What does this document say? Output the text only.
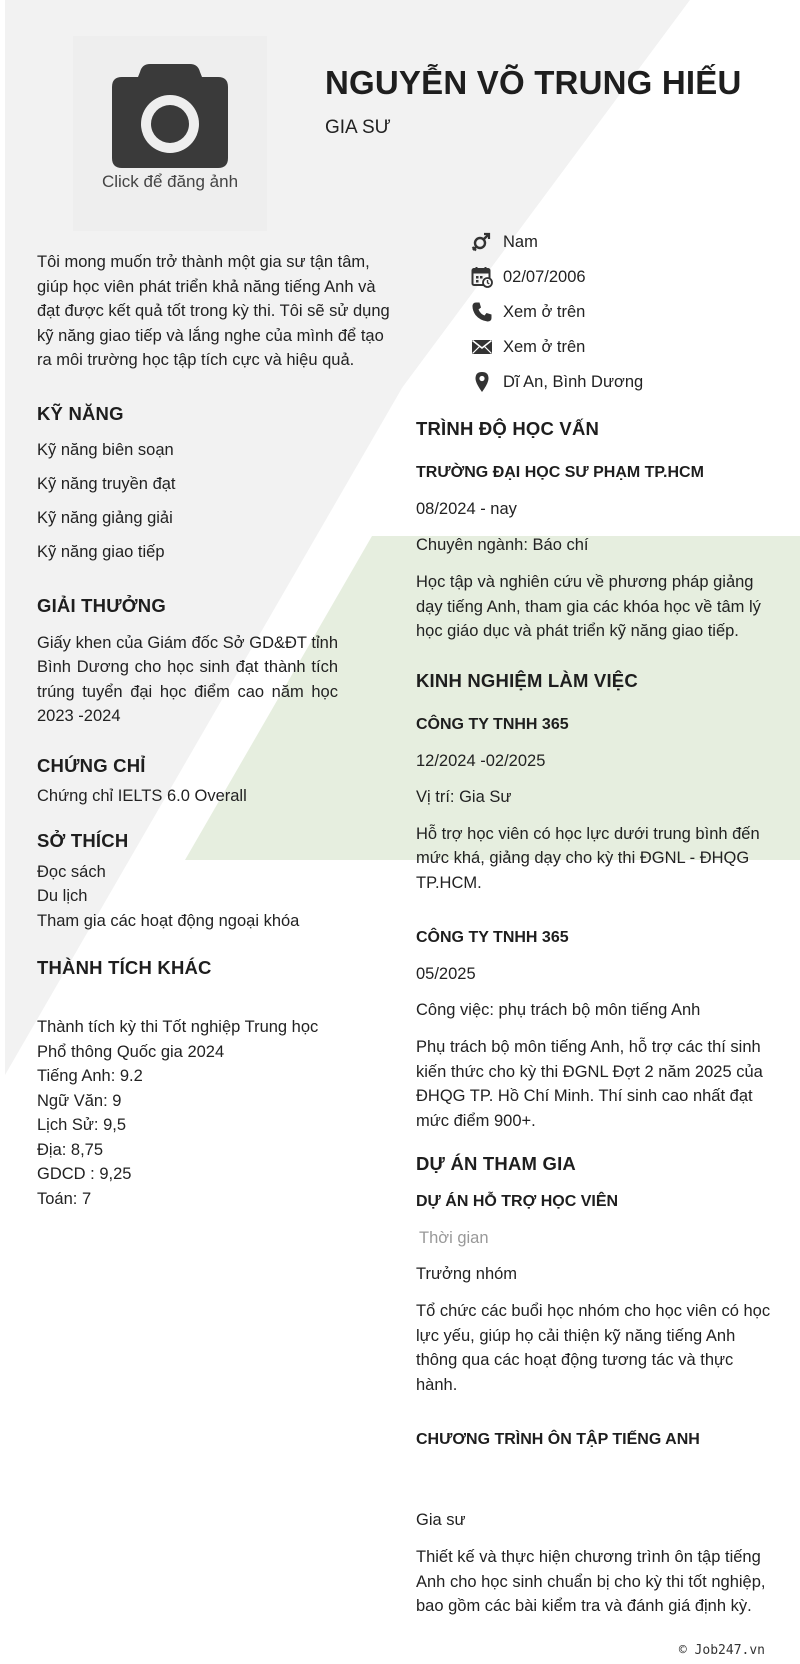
Click để đăng ảnh
NGUYỄN VÕ TRUNG HIẾU
GIA SƯ
Nam
02/07/2006
Xem ở trên
Xem ở trên
Dĩ An, Bình Dương

Tôi mong muốn trở thành một gia sư tận tâm, giúp học viên phát triển khả năng tiếng Anh và đạt được kết quả tốt trong kỳ thi. Tôi sẽ sử dụng kỹ năng giao tiếp và lắng nghe của mình để tạo ra môi trường học tập tích cực và hiệu quả.

KỸ NĂNG

Kỹ năng biên soạn

Kỹ năng truyền đạt

Kỹ năng giảng giải

Kỹ năng giao tiếp

GIẢI THƯỞNG

Giấy khen của Giám đốc Sở GD&ĐT tỉnh Bình Dương cho học sinh đạt thành tích trúng tuyển đại học điểm cao năm học 2023 -2024

CHỨNG CHỈ

Chứng chỉ IELTS 6.0 Overall

SỞ THÍCH

Đọc sách

Du lịch

Tham gia các hoạt động ngoại khóa

THÀNH TÍCH KHÁC

Thành tích kỳ thi Tốt nghiệp Trung học

Phổ thông Quốc gia 2024

Tiếng Anh: 9.2

Ngữ Văn: 9

Lịch Sử: 9,5

Địa: 8,75

GDCD : 9,25

Toán: 7

TRÌNH ĐỘ HỌC VẤN

TRƯỜNG ĐẠI HỌC SƯ PHẠM TP.HCM

08/2024 - nay

Chuyên ngành: Báo chí

Học tập và nghiên cứu về phương pháp giảng dạy tiếng Anh, tham gia các khóa học về tâm lý học giáo dục và phát triển kỹ năng giao tiếp.

KINH NGHIỆM LÀM VIỆC

CÔNG TY TNHH 365

12/2024 -02/2025

Vị trí: Gia Sư

Hỗ trợ học viên có học lực dưới trung bình đến mức khá, giảng dạy cho kỳ thi ĐGNL - ĐHQG TP.HCM.

CÔNG TY TNHH 365

05/2025

Công việc: phụ trách bộ môn tiếng Anh

Phụ trách bộ môn tiếng Anh, hỗ trợ các thí sinh kiến thức cho kỳ thi ĐGNL Đợt 2 năm 2025 của ĐHQG TP. Hồ Chí Minh. Thí sinh cao nhất đạt mức điểm 900+.

DỰ ÁN THAM GIA

DỰ ÁN HỖ TRỢ HỌC VIÊN

Thời gian

Trưởng nhóm

Tổ chức các buổi học nhóm cho học viên có học lực yếu, giúp họ cải thiện kỹ năng tiếng Anh thông qua các hoạt động tương tác và thực hành.

CHƯƠNG TRÌNH ÔN TẬP TIẾNG ANH

Gia sư

Thiết kế và thực hiện chương trình ôn tập tiếng Anh cho học sinh chuẩn bị cho kỳ thi tốt nghiệp, bao gồm các bài kiểm tra và đánh giá định kỳ.

© Job247.vn
